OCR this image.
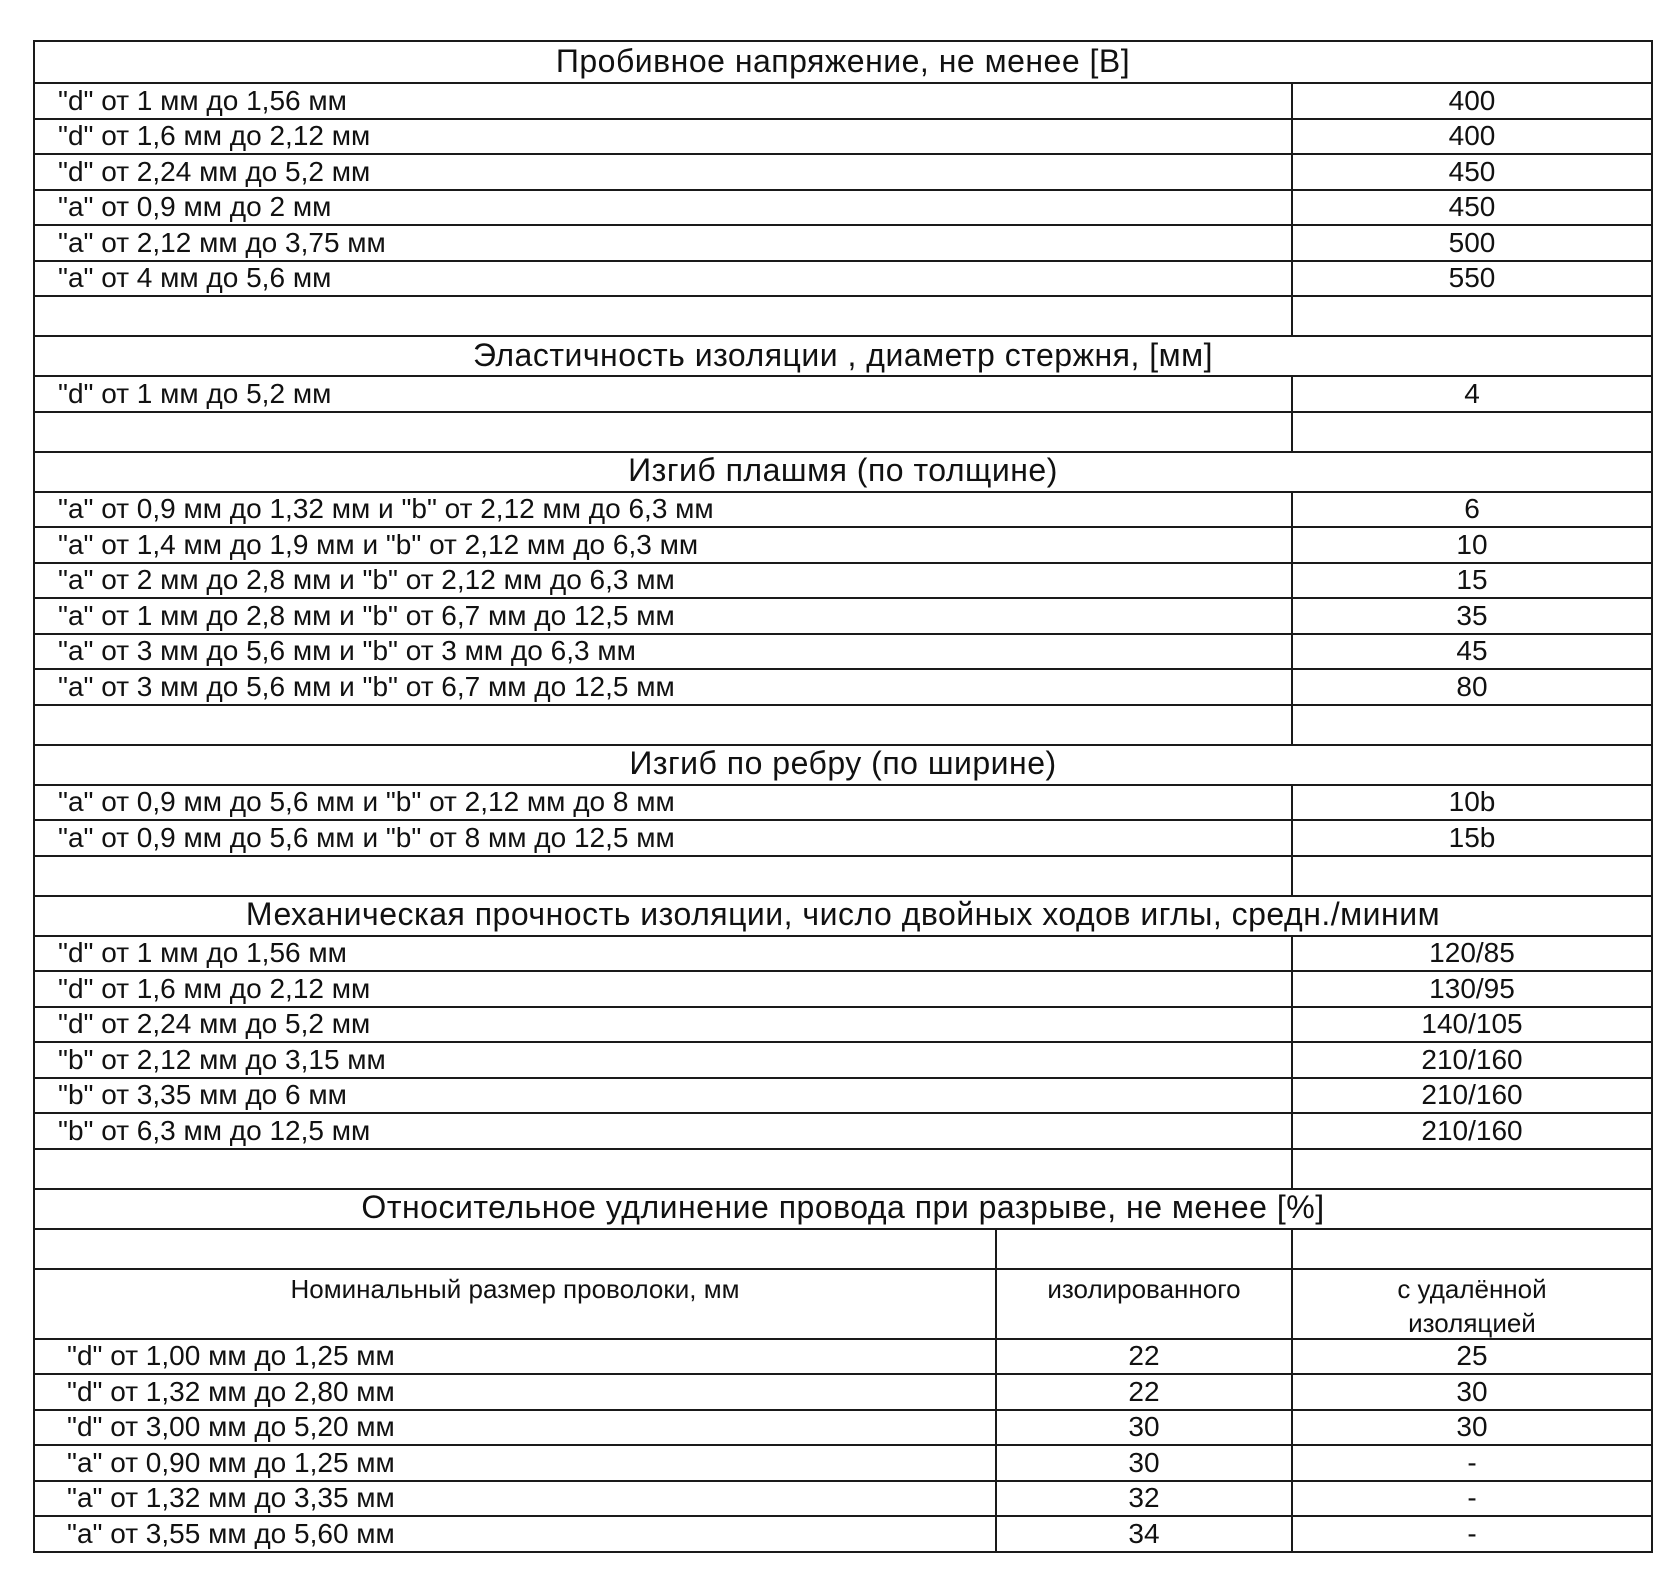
Пробивное напряжение, не менее [В]
"d" от 1 мм до 1,56 мм	400
"d" от 1,6 мм до 2,12 мм	400
"d" от 2,24 мм до 5,2 мм	450
"a" от 0,9 мм до 2 мм	450
"a" от 2,12 мм до 3,75 мм	500
"a" от 4 мм до 5,6 мм	550
Эластичность изоляции , диаметр стержня, [мм]
"d" от 1 мм до 5,2 мм	4
Изгиб плашмя (по толщине)
"a" от 0,9 мм до 1,32 мм и "b" от 2,12 мм до 6,3 мм	6
"a" от 1,4 мм до 1,9 мм и "b" от 2,12 мм до 6,3 мм	10
"a" от 2 мм до 2,8 мм и "b" от 2,12 мм до 6,3 мм	15
"a" от 1 мм до 2,8 мм и "b" от 6,7 мм до 12,5 мм	35
"a" от 3 мм до 5,6 мм и "b" от 3 мм до 6,3 мм	45
"a" от 3 мм до 5,6 мм и "b" от 6,7 мм до 12,5 мм	80
Изгиб по ребру (по ширине)
"a" от 0,9 мм до 5,6 мм и "b" от 2,12 мм до 8 мм	10b
"a" от 0,9 мм до 5,6 мм и "b" от 8 мм до 12,5 мм	15b
Механическая прочность изоляции, число двойных ходов иглы, средн./миним
"d" от 1 мм до 1,56 мм	120/85
"d" от 1,6 мм до 2,12 мм	130/95
"d" от 2,24 мм до 5,2 мм	140/105
"b" от 2,12 мм до 3,15 мм	210/160
"b" от 3,35 мм до 6 мм	210/160
"b" от 6,3 мм до 12,5 мм	210/160
Относительное удлинение провода при разрыве, не менее [%]
Номинальный размер проволоки, мм	изолированного	с удалённой изоляцией
"d" от 1,00 мм до 1,25 мм	22	25
"d" от 1,32 мм до 2,80 мм	22	30
"d" от 3,00 мм до 5,20 мм	30	30
"a" от 0,90 мм до 1,25 мм	30	-
"a" от 1,32 мм до 3,35 мм	32	-
"a" от 3,55 мм до 5,60 мм	34	-
